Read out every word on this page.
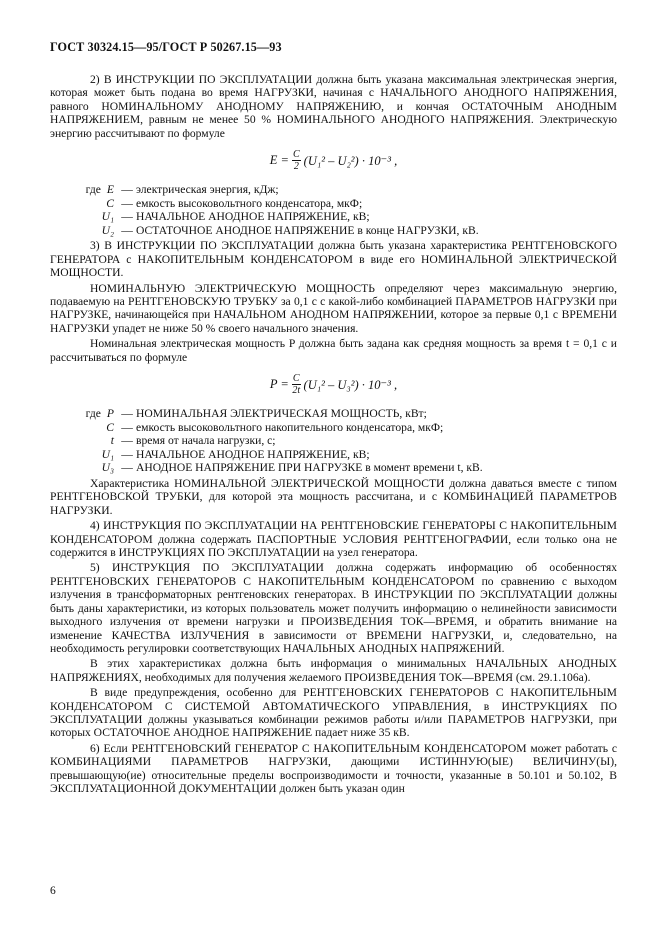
ГОСТ 30324.15—95/ГОСТ Р 50267.15—93

2) В ИНСТРУКЦИИ ПО ЭКСПЛУАТАЦИИ должна быть указана максимальная электрическая энергия, которая может быть подана во время НАГРУЗКИ, начиная с НАЧАЛЬНОГО АНОДНОГО НАПРЯЖЕНИЯ, равного НОМИНАЛЬНОМУ АНОДНОМУ НАПРЯЖЕНИЮ, и кончая ОСТАТОЧНЫМ АНОДНЫМ НАПРЯЖЕНИЕМ, равным не менее 50 % НОМИНАЛЬНОГО АНОДНОГО НАПРЯЖЕНИЯ. Электрическую энергию рассчитывают по формуле

$E = \frac{C}{2} (U_1^2 - U_2^2) \cdot 10^{-3}$ ,
где E — электрическая энергия, кДж;
C — емкость высоковольтного конденсатора, мкФ;
U₁ — НАЧАЛЬНОЕ АНОДНОЕ НАПРЯЖЕНИЕ, кВ;
U₂ — ОСТАТОЧНОЕ АНОДНОЕ НАПРЯЖЕНИЕ в конце НАГРУЗКИ, кВ.

3) В ИНСТРУКЦИИ ПО ЭКСПЛУАТАЦИИ должна быть указана характеристика РЕНТГЕНОВСКОГО ГЕНЕРАТОРА с НАКОПИТЕЛЬНЫМ КОНДЕНСАТОРОМ в виде его НОМИНАЛЬНОЙ ЭЛЕКТРИЧЕСКОЙ МОЩНОСТИ.

НОМИНАЛЬНУЮ ЭЛЕКТРИЧЕСКУЮ МОЩНОСТЬ определяют через максимальную энергию, подаваемую на РЕНТГЕНОВСКУЮ ТРУБКУ за 0,1 с с какой-либо комбинацией ПАРАМЕТРОВ НАГРУЗКИ при НАГРУЗКЕ, начинающейся при НАЧАЛЬНОМ АНОДНОМ НАПРЯЖЕНИИ, которое за первые 0,1 с ВРЕМЕНИ НАГРУЗКИ упадет не ниже 50 % своего начального значения.

Номинальная электрическая мощность P должна быть задана как средняя мощность за время t = 0,1 с и рассчитываться по формуле

$P = \frac{C}{2t} (U_1^2 - U_3^2) \cdot 10^{-3}$ ,
где P — НОМИНАЛЬНАЯ ЭЛЕКТРИЧЕСКАЯ МОЩНОСТЬ, кВт;
C — емкость высоковольтного накопительного конденсатора, мкФ;
t — время от начала нагрузки, с;
U₁ — НАЧАЛЬНОЕ АНОДНОЕ НАПРЯЖЕНИЕ, кВ;
U₃ — АНОДНОЕ НАПРЯЖЕНИЕ ПРИ НАГРУЗКЕ в момент времени t, кВ.

Характеристика НОМИНАЛЬНОЙ ЭЛЕКТРИЧЕСКОЙ МОЩНОСТИ должна даваться вместе с типом РЕНТГЕНОВСКОЙ ТРУБКИ, для которой эта мощность рассчитана, и с КОМБИНАЦИЕЙ ПАРАМЕТРОВ НАГРУЗКИ.

4) ИНСТРУКЦИЯ ПО ЭКСПЛУАТАЦИИ НА РЕНТГЕНОВСКИЕ ГЕНЕРАТОРЫ С НАКОПИТЕЛЬНЫМ КОНДЕНСАТОРОМ должна содержать ПАСПОРТНЫЕ УСЛОВИЯ РЕНТГЕНОГРАФИИ, если только она не содержится в ИНСТРУКЦИЯХ ПО ЭКСПЛУАТАЦИИ на узел генератора.

5) ИНСТРУКЦИЯ ПО ЭКСПЛУАТАЦИИ должна содержать информацию об особенностях РЕНТГЕНОВСКИХ ГЕНЕРАТОРОВ С НАКОПИТЕЛЬНЫМ КОНДЕНСАТОРОМ по сравнению с выходом излучения в трансформаторных рентгеновских генераторах. В ИНСТРУКЦИИ ПО ЭКСПЛУАТАЦИИ должны быть даны характеристики, из которых пользователь может получить информацию о нелинейности зависимости выходного излучения от времени нагрузки и ПРОИЗВЕДЕНИЯ ТОК—ВРЕМЯ, и обратить внимание на изменение КАЧЕСТВА ИЗЛУЧЕНИЯ в зависимости от ВРЕМЕНИ НАГРУЗКИ, и, следовательно, на необходимость регулировки соответствующих НАЧАЛЬНЫХ АНОДНЫХ НАПРЯЖЕНИЙ.

В этих характеристиках должна быть информация о минимальных НАЧАЛЬНЫХ АНОДНЫХ НАПРЯЖЕНИЯХ, необходимых для получения желаемого ПРОИЗВЕДЕНИЯ ТОК—ВРЕМЯ (см. 29.1.106а).

В виде предупреждения, особенно для РЕНТГЕНОВСКИХ ГЕНЕРАТОРОВ С НАКОПИТЕЛЬНЫМ КОНДЕНСАТОРОМ С СИСТЕМОЙ АВТОМАТИЧЕСКОГО УПРАВЛЕНИЯ, в ИНСТРУКЦИЯХ ПО ЭКСПЛУАТАЦИИ должны указываться комбинации режимов работы и/или ПАРАМЕТРОВ НАГРУЗКИ, при которых ОСТАТОЧНОЕ АНОДНОЕ НАПРЯЖЕНИЕ падает ниже 35 кВ.

6) Если РЕНТГЕНОВСКИЙ ГЕНЕРАТОР С НАКОПИТЕЛЬНЫМ КОНДЕНСАТОРОМ может работать с КОМБИНАЦИЯМИ ПАРАМЕТРОВ НАГРУЗКИ, дающими ИСТИННУЮ(ЫЕ) ВЕЛИЧИНУ(Ы), превышающую(ие) относительные пределы воспроизводимости и точности, указанные в 50.101 и 50.102, В ЭКСПЛУАТАЦИОННОЙ ДОКУМЕНТАЦИИ должен быть указан один

6
